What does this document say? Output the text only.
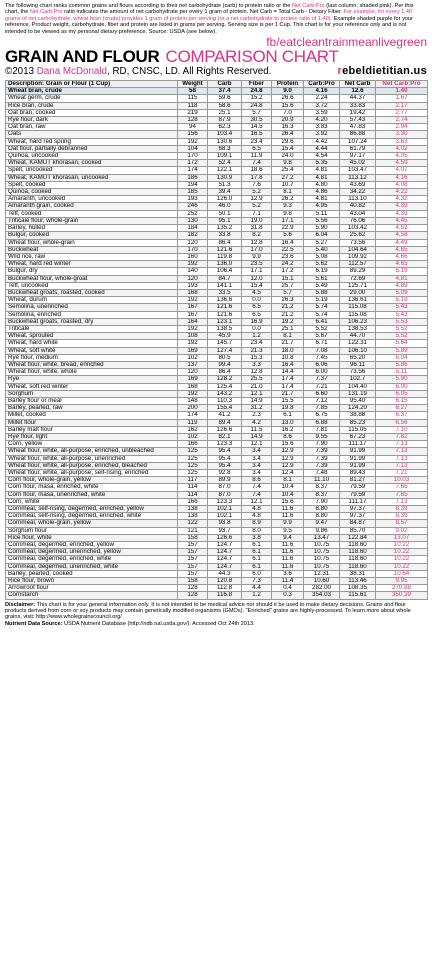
The following chart ranks common grains and flours according to their net carbohydrate (carb) to protein ratio or the Net Carb:Pro (last column; shaded pink). Per this chart, the Net Carb:Pro ratio indicates the amount of net carbohydrate per every 1 gram of protein. Net Carb = Total Carb - Dietary Fiber. For example, for every 1.40 grams of net carbohydrate, wheat bran (crude) provides 1 gram of protein per serving (or a net carbohydrate to protein ratio of 1.40). Example shaded purple for your reference. Product weight, carbohydrate, fiber and protein are listed in grams per serving. Serving size is per 1 Cup. This chart is for your reference only and is not intended to be viewed as my personal dietary preference. Source: USDA (see below).

fb/eatcleantrainmeanlivegreen
GRAIN AND FLOUR COMPARISON CHART
©2013 Dana McDonald, RD, CNSC, LD. All Rights Reserved.	rebeldietitian.us
Description: Grain or Flour (1 Cup)	Weight	Carb	Fiber	Protein	Carb:Pro	Net Carb	Net Carb:Pro
Wheat bran, crude	58	37.4	24.8	9.0	4.16	12.6	1.40
Wheat germ, crude	115	59.6	15.2	26.6	2.24	44.37	1.67
Rice bran, crude	118	58.6	24.8	15.6	3.72	33.83	2.17
Oat bran, cooked	219	25.1	5.7	7.0	3.59	19.42	2.77
Rye flour, dark	128	87.9	30.5	20.9	4.20	57.43	2.74
Oat bran, raw	94	62.3	14.5	16.3	3.83	47.83	2.94
Oats	156	103.4	16.5	26.4	3.92	86.88	3.30
Wheat, hard red spring	192	130.6	23.4	29.6	4.42	107.24	3.63
Oat flour, partially debranned	104	68.3	6.5	15.4	4.44	61.79	4.02
Quinoa, uncooked	170	109.1	11.9	24.0	4.54	97.17	4.05
Wheat, KAMUT khorasan, cooked	172	52.4	7.4	9.8	5.35	45.02	4.59
Spelt, uncooked	174	122.1	18.6	25.4	4.81	103.47	4.07
Wheat, KAMUT khorasan, uncooked	186	130.9	17.8	27.2	4.81	113.12	4.16
Spelt, cooked	194	51.3	7.6	10.7	4.80	43.69	4.08
Quinoa, cooked	185	39.4	5.2	8.1	4.86	34.22	4.22
Amaranth, uncooked	193	126.0	12.9	26.2	4.81	113.10	4.32
Amaranth grain, cooked	246	46.0	5.2	9.3	4.95	40.82	4.39
Teff, cooked	252	50.1	7.1	9.8	5.11	43.04	4.39
Triticale flour, whole-grain	130	95.1	19.0	17.1	5.56	76.06	4.45
Barley, hulled	184	135.2	31.8	22.9	5.90	103.42	4.52
Bulgur, cooked	182	33.8	8.2	5.6	6.04	25.62	4.58
Wheat flour, whole-grain	120	86.4	12.8	16.4	5.27	73.56	4.49
Buckwheat	170	121.6	17.0	22.5	5.40	104.64	4.65
Wild rice, raw	160	119.8	9.9	23.6	5.08	109.92	4.66
Wheat, hard red winter	192	136.0	23.5	24.2	5.62	112.57	4.65
Bulgur, dry	140	106.4	17.1	17.2	6.19	89.29	5.19
Buckwheat flour, whole-groat	120	84.7	12.0	15.1	5.61	72.69	4.81
Teff, uncooked	193	141.1	15.4	25.7	5.49	125.71	4.89
Buckwheat groats, roasted, cooked	168	33.5	4.5	5.7	5.88	29.00	5.09
Wheat, durum	192	136.6	0.0	26.3	5.19	136.61	5.19
Semolina, unenriched	167	121.6	6.5	21.2	5.74	115.08	5.43
Semolina, enriched	167	121.6	6.5	21.2	5.74	115.08	5.43
Buckwheat groats, roasted, dry	164	123.1	16.9	19.2	6.41	106.23	5.53
Triticale	192	138.5	0.0	25.1	5.52	138.53	5.52
Wheat, sprouted	108	45.9	1.2	8.1	5.67	44.70	5.52
Wheat, hard white	192	145.7	23.4	21.7	6.71	122.31	5.64
Wheat, soft white	169	127.4	21.3	18.0	7.08	106.10	5.89
Rye flour, medium	102	80.5	15.3	10.8	7.45	65.20	6.04
Wheat flour, white, bread, enriched	137	99.4	3.3	16.4	6.06	96.11	5.86
Wheat flour, white, whole	120	86.4	12.8	14.4	6.00	73.56	5.11
Rye	169	128.2	25.5	17.4	7.37	102.7	5.90
Wheat, soft red winter	168	125.4	21.0	17.4	7.21	104.40	6.00
Sorghum	192	143.2	12.1	21.7	6.60	131.19	6.05
Barley flour or meal	148	110.3	14.9	15.5	7.12	95.40	6.15
Barley, pearled, raw	200	155.4	31.2	19.8	7.85	124.20	6.27
Millet, cooked	174	41.2	2.3	6.1	6.75	38.88	6.37
Millet flour	119	89.4	4.2	13.0	6.88	85.23	6.56
Barley malt flour	162	126.6	11.5	16.2	7.81	115.05	7.10
Rye flour, light	102	82.1	14.9	8.6	9.55	67.23	7.82
Corn, yellow	166	123.3	12.1	15.6	7.90	111.17	7.13
Wheat flour, white, all-purpose, enriched, unbleached	125	95.4	3.4	12.9	7.39	91.99	7.13
Wheat flour, white, all-purpose, unenriched	125	95.4	3.4	12.9	7.39	91.99	7.13
Wheat flour, white, all-purpose, enriched, bleached	125	95.4	3.4	12.9	7.39	91.99	7.13
Wheat flour, white, all-purpose, self-rising, enriched	125	92.8	3.4	12.4	7.48	89.43	7.21
Corn flour, whole-grain, yellow	117	89.9	8.6	8.1	11.10	81.27	10.03
Corn flour, masa, enriched, white	114	87.0	7.4	10.4	8.37	79.59	7.65
Corn flour, masa, unenriched, white	114	87.0	7.4	10.4	8.37	79.59	7.65
Corn, white	166	123.3	12.1	15.6	7.90	111.17	7.13
Cornmeal, self-rising, degermed, enriched, yellow	138	102.1	4.8	11.6	8.80	97.37	8.39
Cornmeal, self-rising, degermed, enriched, white	138	102.1	4.8	11.6	8.80	97.37	8.39
Cornmeal, whole-grain, yellow	122	93.8	8.9	9.9	9.47	84.87	8.57
Sorghum flour	121	93.7	8.0	9.5	9.86	85.70	9.02
Rice flour, white	158	126.6	3.8	9.4	13.47	122.84	13.07
Cornmeal, degermed, enriched, yellow	157	124.7	6.1	11.6	10.75	118.60	10.22
Cornmeal, degermed, unenriched, yellow	157	124.7	6.1	11.6	10.75	118.60	10.22
Cornmeal, degermed, enriched, white	157	124.7	6.1	11.6	10.75	118.60	10.22
Cornmeal, degermed, unenriched, white	157	124.7	6.1	11.6	10.75	118.60	10.22
Barley, pearled, cooked	157	44.3	6.0	3.6	12.31	38.31	10.64
Rice flour, brown	158	120.8	7.3	11.4	10.60	113.46	9.95
Arrowroot flour	128	112.8	4.4	0.4	282.00	108.35	270.88
Cornstarch	128	116.8	1.2	0.3	354.03	115.61	350.39
Disclaimer: This chart is for your general information only. It is not intended to be medical advice nor should it be used to make dietary decisions. Grains and flour products derived from corn or soy products may contain genetically modified organisms (GMOs). "Enriched" grains are highly-processed. To learn more about whole grains, visit: http://www.wholegrainscouncil.org/
Nutrient Data Source: USDA Nutrient Database (http://ndb.nal.usda.gov/). Accessed Oct 24th 2013.
